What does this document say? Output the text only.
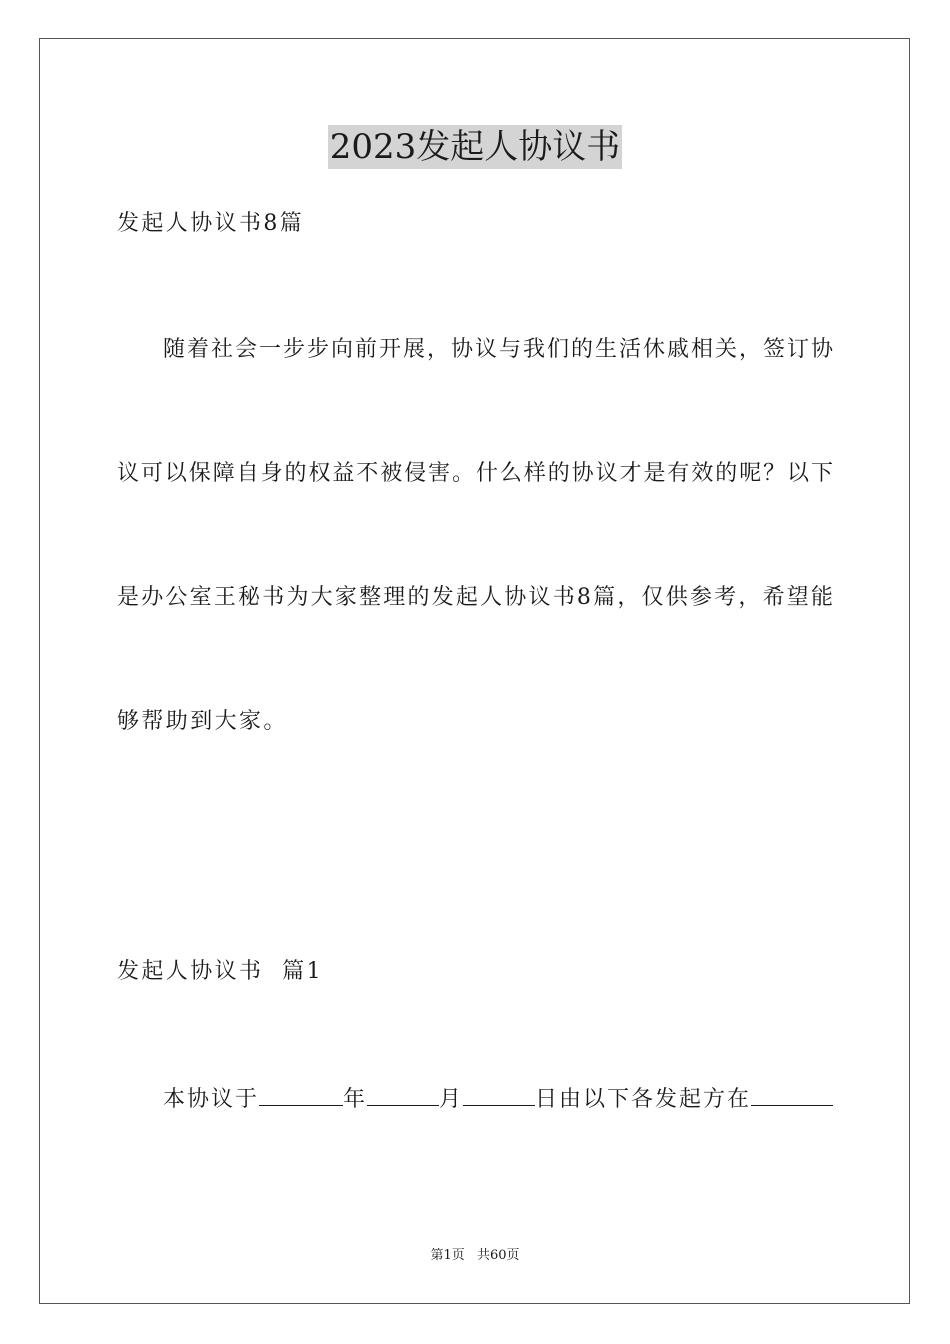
2023发起人协议书
发起人协议书8篇
随着社会一步步向前开展，协议与我们的生活休戚相关，签订协
议可以保障自身的权益不被侵害。什么样的协议才是有效的呢？以下
是办公室王秘书为大家整理的发起人协议书8篇，仅供参考，希望能
够帮助到大家。
发起人协议书  篇1
本协议于	年	月	日由以下各发起方在
第1页 共60页
